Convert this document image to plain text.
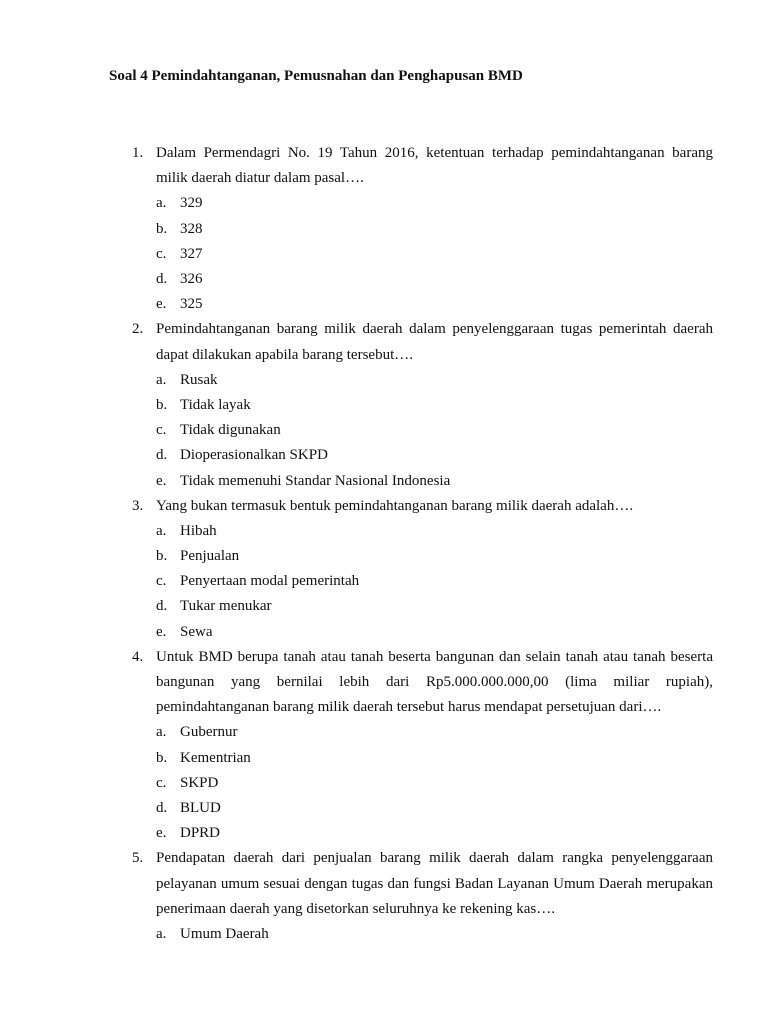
Soal 4 Pemindahtanganan, Pemusnahan dan Penghapusan BMD
1. Dalam Permendagri No. 19 Tahun 2016, ketentuan terhadap pemindahtanganan barang milik daerah diatur dalam pasal….
a. 329
b. 328
c. 327
d. 326
e. 325
2. Pemindahtanganan barang milik daerah dalam penyelenggaraan tugas pemerintah daerah dapat dilakukan apabila barang tersebut….
a. Rusak
b. Tidak layak
c. Tidak digunakan
d. Dioperasionalkan SKPD
e. Tidak memenuhi Standar Nasional Indonesia
3. Yang bukan termasuk bentuk pemindahtanganan barang milik daerah adalah….
a. Hibah
b. Penjualan
c. Penyertaan modal pemerintah
d. Tukar menukar
e. Sewa
4. Untuk BMD berupa tanah atau tanah beserta bangunan dan selain tanah atau tanah beserta bangunan yang bernilai lebih dari Rp5.000.000.000,00 (lima miliar rupiah), pemindahtanganan barang milik daerah tersebut harus mendapat persetujuan dari….
a. Gubernur
b. Kementrian
c. SKPD
d. BLUD
e. DPRD
5. Pendapatan daerah dari penjualan barang milik daerah dalam rangka penyelenggaraan pelayanan umum sesuai dengan tugas dan fungsi Badan Layanan Umum Daerah merupakan penerimaan daerah yang disetorkan seluruhnya ke rekening kas….
a. Umum Daerah
